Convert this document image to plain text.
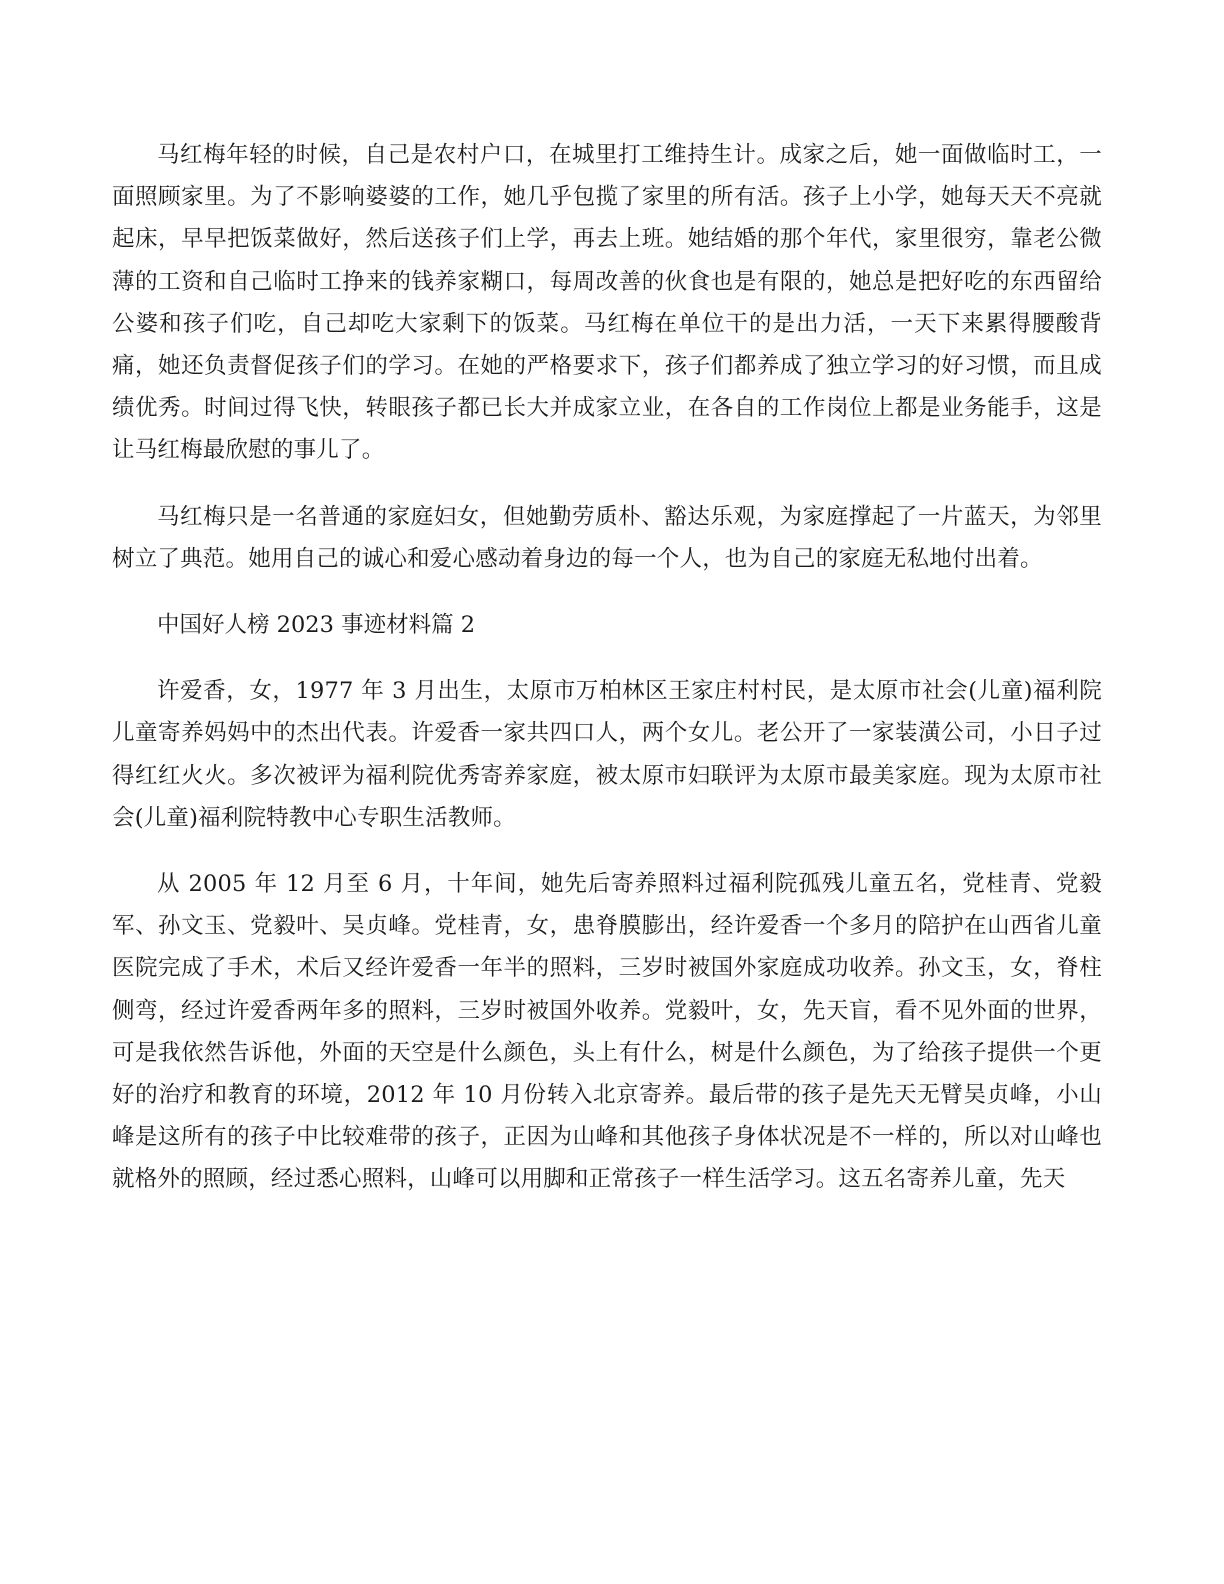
马红梅年轻的时候，自己是农村户口，在城里打工维持生计。成家之后，她一面做临时工，一面照顾家里。为了不影响婆婆的工作，她几乎包揽了家里的所有活。孩子上小学，她每天天不亮就起床，早早把饭菜做好，然后送孩子们上学，再去上班。她结婚的那个年代，家里很穷，靠老公微薄的工资和自己临时工挣来的钱养家糊口，每周改善的伙食也是有限的，她总是把好吃的东西留给公婆和孩子们吃，自己却吃大家剩下的饭菜。马红梅在单位干的是出力活，一天下来累得腰酸背痛，她还负责督促孩子们的学习。在她的严格要求下，孩子们都养成了独立学习的好习惯，而且成绩优秀。时间过得飞快，转眼孩子都已长大并成家立业，在各自的工作岗位上都是业务能手，这是让马红梅最欣慰的事儿了。

马红梅只是一名普通的家庭妇女，但她勤劳质朴、豁达乐观，为家庭撑起了一片蓝天，为邻里树立了典范。她用自己的诚心和爱心感动着身边的每一个人，也为自己的家庭无私地付出着。

中国好人榜 2023 事迹材料篇 2

许爱香，女，1977 年 3 月出生，太原市万柏林区王家庄村村民，是太原市社会(儿童)福利院儿童寄养妈妈中的杰出代表。许爱香一家共四口人，两个女儿。老公开了一家装潢公司，小日子过得红红火火。多次被评为福利院优秀寄养家庭，被太原市妇联评为太原市最美家庭。现为太原市社会(儿童)福利院特教中心专职生活教师。

从 2005 年 12 月至 6 月，十年间，她先后寄养照料过福利院孤残儿童五名，党桂青、党毅军、孙文玉、党毅叶、吴贞峰。党桂青，女，患脊膜膨出，经许爱香一个多月的陪护在山西省儿童医院完成了手术，术后又经许爱香一年半的照料，三岁时被国外家庭成功收养。孙文玉，女，脊柱侧弯，经过许爱香两年多的照料，三岁时被国外收养。党毅叶，女，先天盲，看不见外面的世界，可是我依然告诉他，外面的天空是什么颜色，头上有什么，树是什么颜色，为了给孩子提供一个更好的治疗和教育的环境，2012 年 10 月份转入北京寄养。最后带的孩子是先天无臂吴贞峰，小山峰是这所有的孩子中比较难带的孩子，正因为山峰和其他孩子身体状况是不一样的，所以对山峰也就格外的照顾，经过悉心照料，山峰可以用脚和正常孩子一样生活学习。这五名寄养儿童，先天
